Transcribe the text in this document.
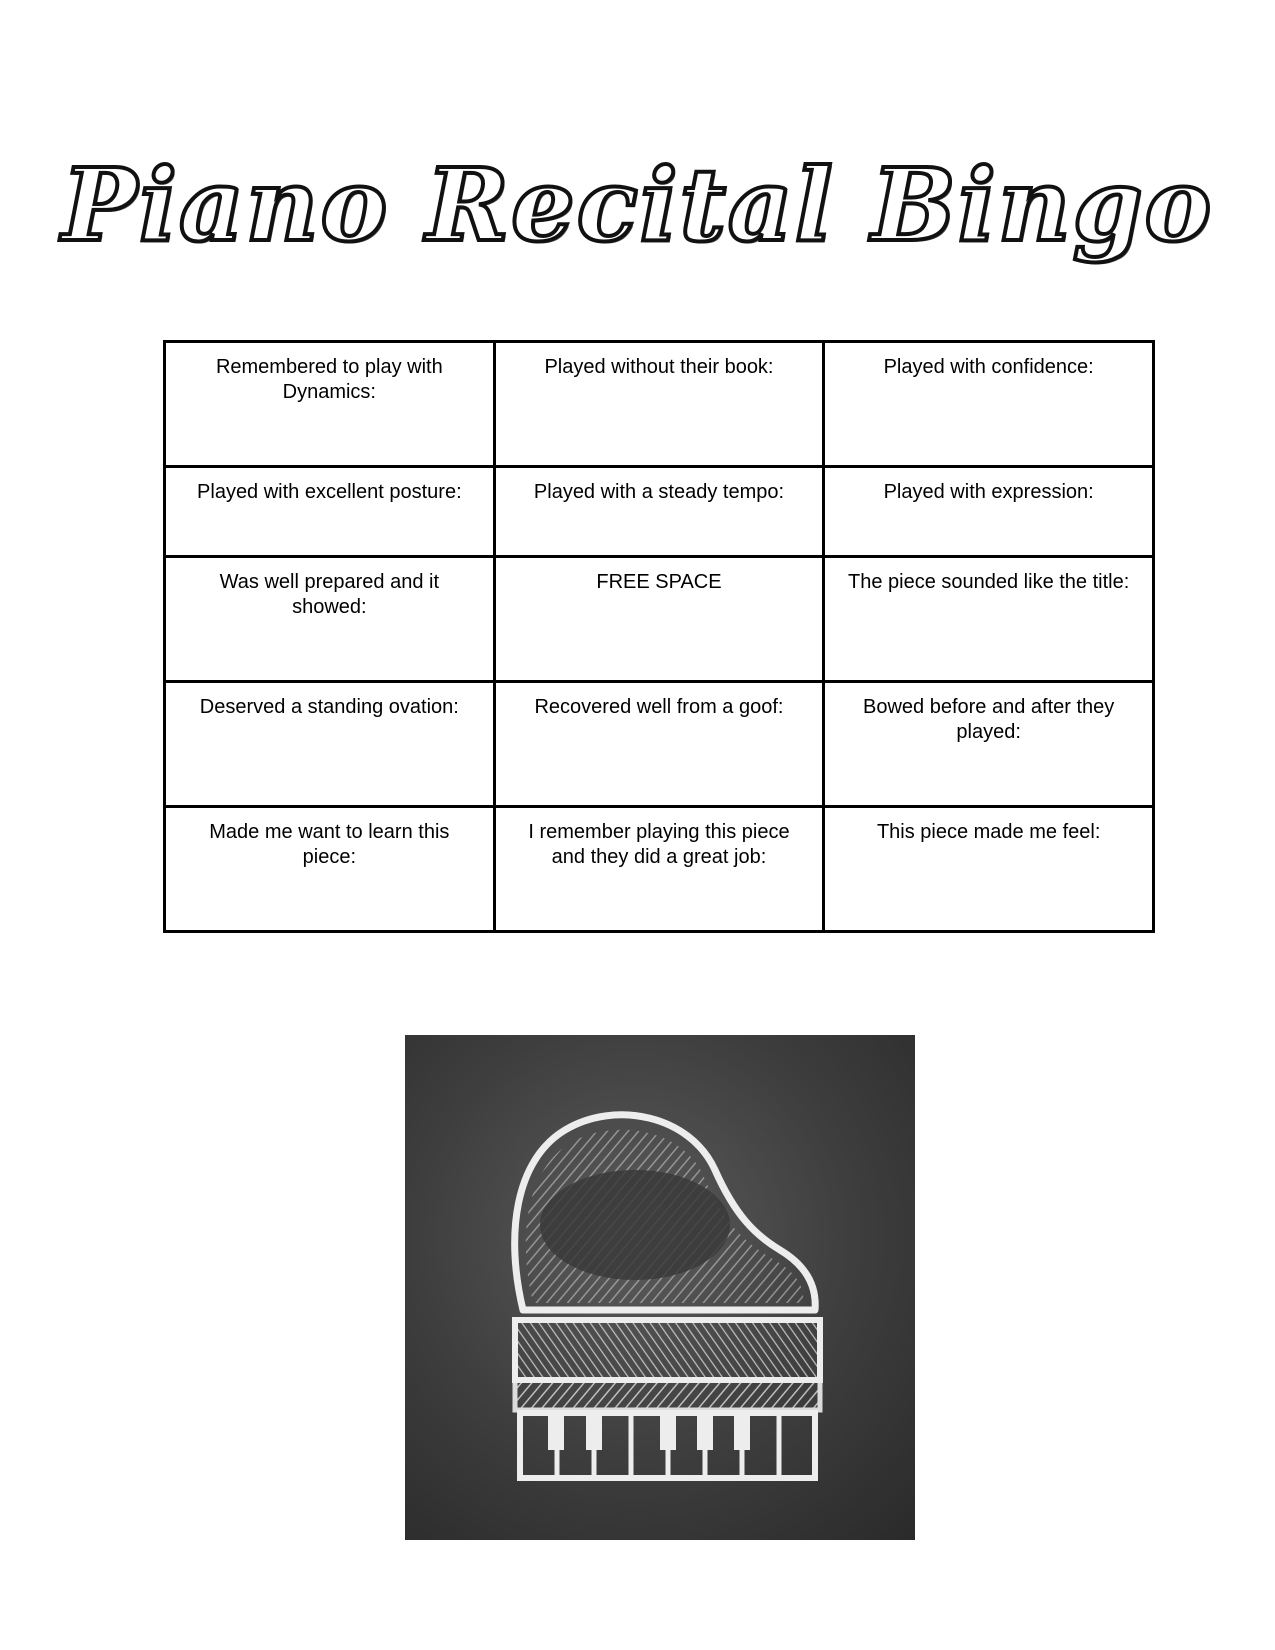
Piano Recital Bingo
Remembered to play with Dynamics:	Played without their book:	Played with confidence:
Played with excellent posture:	Played with a steady tempo:	Played with expression:
Was well prepared and it showed:	FREE SPACE	The piece sounded like the title:
Deserved a standing ovation:	Recovered well from a goof:	Bowed before and after they played:
Made me want to learn this piece:	I remember playing this piece and they did a great job:	This piece made me feel:
